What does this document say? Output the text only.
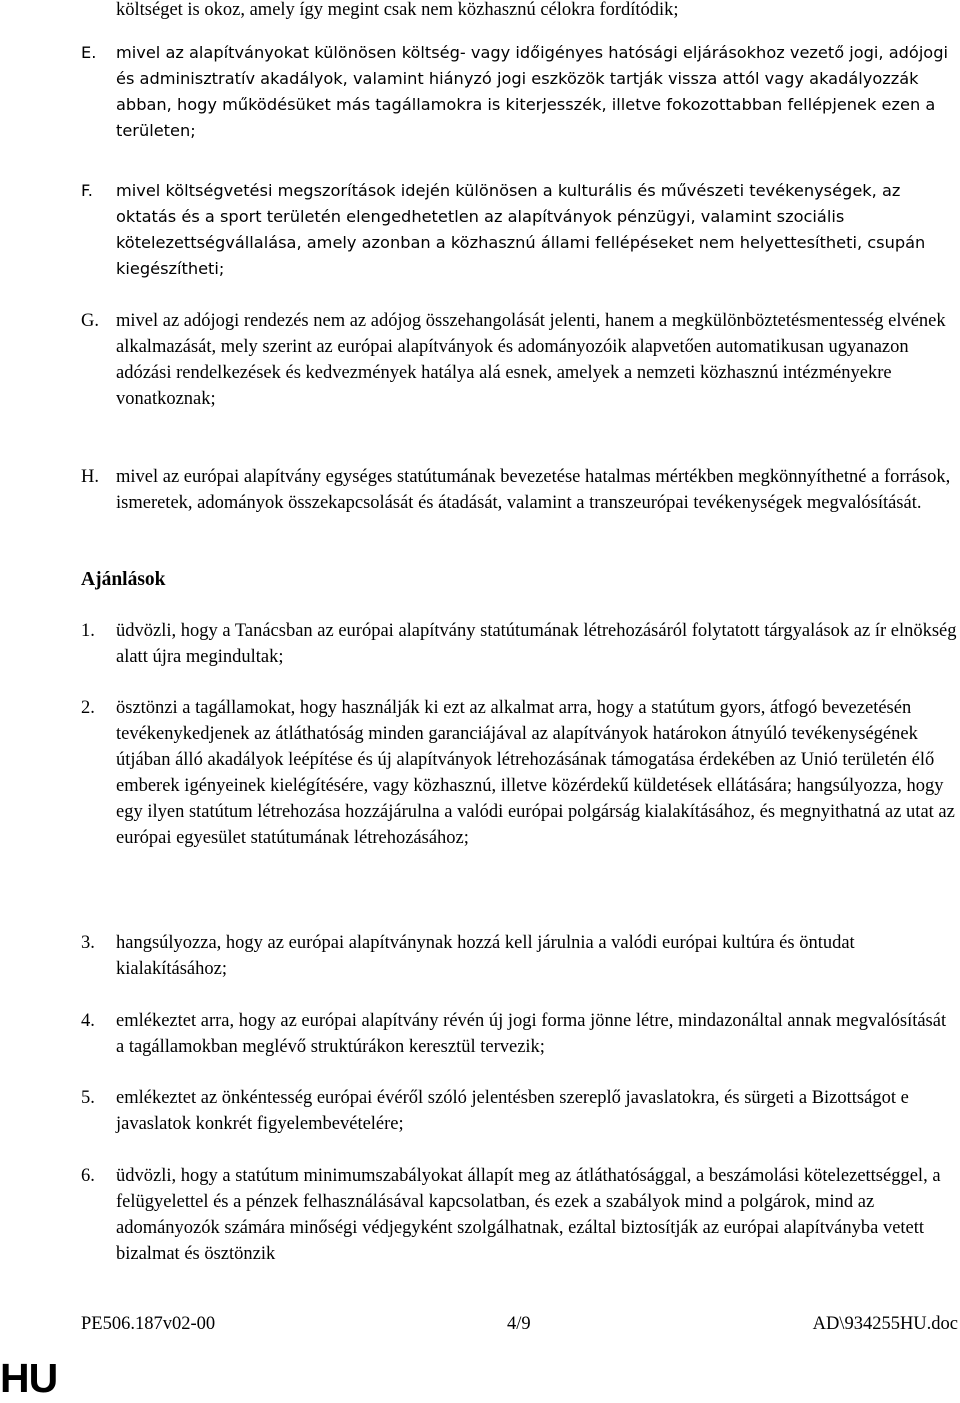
költséget is okoz, amely így megint csak nem közhasznú célokra fordítódik;
E. mivel az alapítványokat különösen költség- vagy időigényes hatósági eljárásokhoz vezető jogi, adójogi és adminisztratív akadályok, valamint hiányzó jogi eszközök tartják vissza attól vagy akadályozzák abban, hogy működésüket más tagállamokra is kiterjesszék, illetve fokozottabban fellépjenek ezen a területen;
F. mivel költségvetési megszorítások idején különösen a kulturális és művészeti tevékenységek, az oktatás és a sport területén elengedhetetlen az alapítványok pénzügyi, valamint szociális kötelezettségvállalása, amely azonban a közhasznú állami fellépéseket nem helyettesítheti, csupán kiegészítheti;
G. mivel az adójogi rendezés nem az adójog összehangolását jelenti, hanem a megkülönböztetésmentesség elvének alkalmazását, mely szerint az európai alapítványok és adományozóik alapvetően automatikusan ugyanazon adózási rendelkezések és kedvezmények hatálya alá esnek, amelyek a nemzeti közhasznú intézményekre vonatkoznak;
H. mivel az európai alapítvány egységes statútumának bevezetése hatalmas mértékben megkönnyíthetné a források, ismeretek, adományok összekapcsolását és átadását, valamint a transzeurópai tevékenységek megvalósítását.
Ajánlások
1. üdvözli, hogy a Tanácsban az európai alapítvány statútumának létrehozásáról folytatott tárgyalások az ír elnökség alatt újra megindultak;
2. ösztönzi a tagállamokat, hogy használják ki ezt az alkalmat arra, hogy a statútum gyors, átfogó bevezetésén tevékenykedjenek az átláthatóság minden garanciájával az alapítványok határokon átnyúló tevékenységének útjában álló akadályok leépítése és új alapítványok létrehozásának támogatása érdekében az Unió területén élő emberek igényeinek kielégítésére, vagy közhasznú, illetve közérdekű küldetések ellátására; hangsúlyozza, hogy egy ilyen statútum létrehozása hozzájárulna a valódi európai polgárság kialakításához, és megnyithatná az utat az európai egyesület statútumának létrehozásához;
3. hangsúlyozza, hogy az európai alapítványnak hozzá kell járulnia a valódi európai kultúra és öntudat kialakításához;
4. emlékeztet arra, hogy az európai alapítvány révén új jogi forma jönne létre, mindazonáltal annak megvalósítását a tagállamokban meglévő struktúrákon keresztül tervezik;
5. emlékeztet az önkéntesség európai évéről szóló jelentésben szereplő javaslatokra, és sürgeti a Bizottságot e javaslatok konkrét figyelembevételére;
6. üdvözli, hogy a statútum minimumszabályokat állapít meg az átláthatósággal, a beszámolási kötelezettséggel, a felügyelettel és a pénzek felhasználásával kapcsolatban, és ezek a szabályok mind a polgárok, mind az adományozók számára minőségi védjegyként szolgálhatnak, ezáltal biztosítják az európai alapítványba vetett bizalmat és ösztönzik
PE506.187v02-00	4/9	AD\934255HU.doc
HU
